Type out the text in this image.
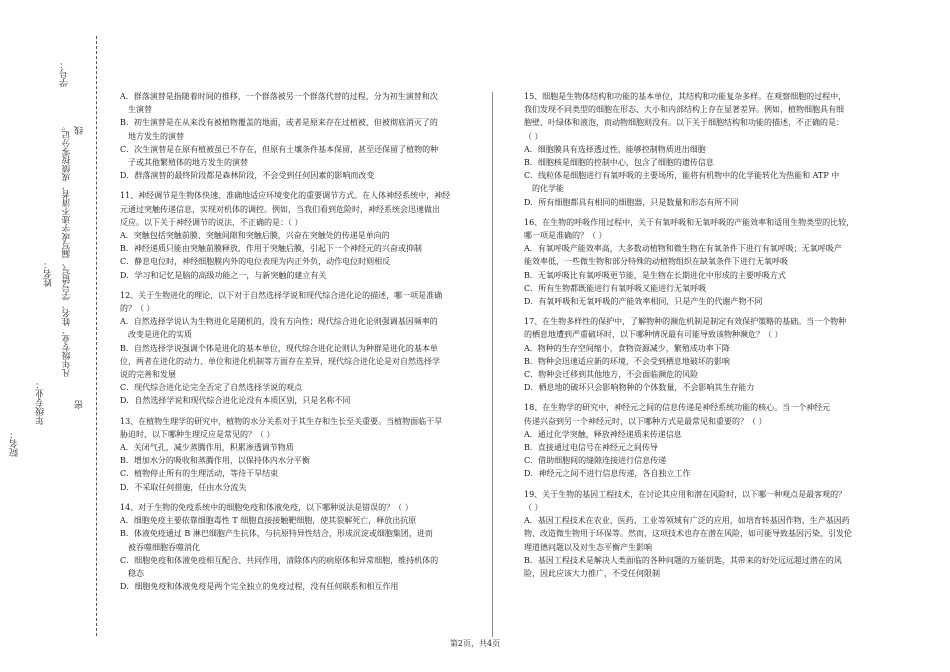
院名：
年级专业：
姓名：
学号：
凡年级专业、姓名、学号错写、漏写或字迹不清者，成绩按零分记。
密
线
A．群落演替是指随着时间的推移，一个群落被另一个群落代替的过程，分为初生演替和次
生演替
B．初生演替是在从来没有被植物覆盖的地面，或者是原来存在过植被、但被彻底消灭了的
地方发生的演替
C．次生演替是在原有植被虽已不存在，但原有土壤条件基本保留，甚至还保留了植物的种
子或其他繁殖体的地方发生的演替
D．群落演替的最终阶段都是森林阶段，不会受到任何因素的影响而改变
11、神经调节是生物体快速、准确地适应环境变化的重要调节方式。在人体神经系统中，神经
元通过突触传递信息，实现对机体的调控。例如，当我们看到危险时，神经系统会迅速做出
反应。以下关于神经调节的说法，不正确的是：（ ）
A．突触包括突触前膜、突触间隙和突触后膜，兴奋在突触处的传递是单向的
B．神经递质只能由突触前膜释放，作用于突触后膜，引起下一个神经元的兴奋或抑制
C．静息电位时，神经细胞膜内外的电位表现为内正外负，动作电位时则相反
D．学习和记忆是脑的高级功能之一，与新突触的建立有关
12、关于生物进化的理论，以下对于自然选择学说和现代综合进化论的描述，哪一项是准确
的？（ ）
A．自然选择学说认为生物进化是随机的，没有方向性；现代综合进化论则强调基因频率的
改变是进化的实质
B．自然选择学说强调个体是进化的基本单位，现代综合进化论则认为种群是进化的基本单
位，两者在进化的动力、单位和进化机制等方面存在差异，现代综合进化论是对自然选择学
说的完善和发展
C．现代综合进化论完全否定了自然选择学说的观点
D．自然选择学说和现代综合进化论没有本质区别，只是名称不同
13、在植物生理学的研究中，植物的水分关系对于其生存和生长至关重要。当植物面临干旱
胁迫时，以下哪种生理反应是常见的？（ ）
A．关闭气孔，减少蒸腾作用，积累渗透调节物质
B．增加水分的吸收和蒸腾作用，以保持体内水分平衡
C．植物停止所有的生理活动，等待干旱结束
D．不采取任何措施，任由水分流失
14、对于生物的免疫系统中的细胞免疫和体液免疫，以下哪种说法是错误的？（ ）
A．细胞免疫主要依靠细胞毒性 T 细胞直接接触靶细胞，使其裂解死亡，释放出抗原
B．体液免疫通过 B 淋巴细胞产生抗体，与抗原特异性结合，形成沉淀或细胞集团，进而
被吞噬细胞吞噬消化
C．细胞免疫和体液免疫相互配合、共同作用，清除体内的病原体和异常细胞，维持机体的
稳态
D．细胞免疫和体液免疫是两个完全独立的免疫过程，没有任何联系和相互作用
15、细胞是生物体结构和功能的基本单位，其结构和功能复杂多样。在观察细胞的过程中，
我们发现不同类型的细胞在形态、大小和内部结构上存在显著差异。例如，植物细胞具有细
胞壁、叶绿体和液泡，而动物细胞则没有。以下关于细胞结构和功能的描述，不正确的是：
（ ）
A．细胞膜具有选择透过性，能够控制物质进出细胞
B．细胞核是细胞的控制中心，包含了细胞的遗传信息
C．线粒体是细胞进行有氧呼吸的主要场所，能将有机物中的化学能转化为热能和 ATP 中
的化学能
D．所有细胞都具有相同的细胞器，只是数量和形态有所不同
16、在生物的呼吸作用过程中，关于有氧呼吸和无氧呼吸的产能效率和适用生物类型的比较，
哪一项是准确的？（ ）
A．有氧呼吸产能效率高，大多数动植物和微生物在有氧条件下进行有氧呼吸；无氧呼吸产
能效率低，一些微生物和部分特殊的动植物组织在缺氧条件下进行无氧呼吸
B．无氧呼吸比有氧呼吸更节能，是生物在长期进化中形成的主要呼吸方式
C．所有生物都既能进行有氧呼吸又能进行无氧呼吸
D．有氧呼吸和无氧呼吸的产能效率相同，只是产生的代谢产物不同
17、在生物多样性的保护中，了解物种的濒危机制是制定有效保护策略的基础。当一个物种
的栖息地遭到严重破坏时，以下哪种情况最有可能导致该物种濒危？（ ）
A．物种的生存空间缩小，食物资源减少，繁殖成功率下降
B．物种会迅速适应新的环境，不会受到栖息地破坏的影响
C．物种会迁移到其他地方，不会面临濒危的风险
D．栖息地的破坏只会影响物种的个体数量，不会影响其生存能力
18、在生物学的研究中，神经元之间的信息传递是神经系统功能的核心。当一个神经元
传递兴奋到另一个神经元时，以下哪种方式是最常见和重要的？（ ）
A．通过化学突触，释放神经递质来传递信息
B．直接通过电信号在神经元之间传导
C．借助细胞间的缝隙连接进行信息传递
D．神经元之间不进行信息传递，各自独立工作
19、关于生物的基因工程技术，在讨论其应用和潜在风险时，以下哪一种观点是最客观的？
（ ）
A．基因工程技术在农业、医药、工业等领域有广泛的应用，如培育转基因作物、生产基因药
物、改造微生物用于环保等。然而，这项技术也存在潜在风险，如可能导致基因污染、引发伦
理道德问题以及对生态平衡产生影响
B．基因工程技术是解决人类面临的各种问题的万能钥匙，其带来的好处远远超过潜在的风
险，因此应该大力推广，不受任何限制
第2页，共4页
